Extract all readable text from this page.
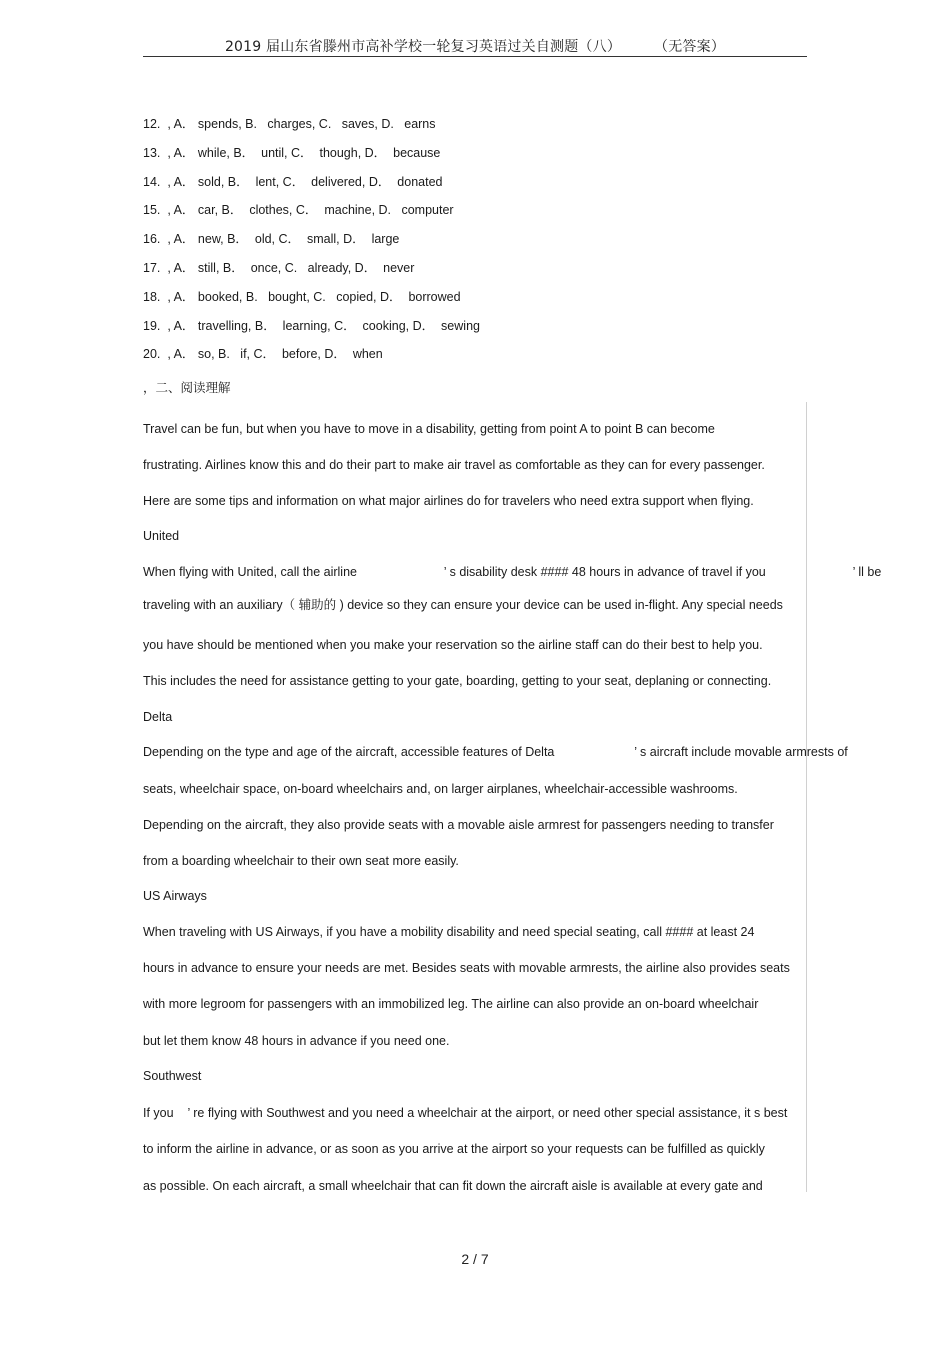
2019 届山东省滕州市高补学校一轮复习英语过关自测题（八）	（无答案）
12. , A． spends, B.   charges, C.   saves, D.   earns
13. , A． while, B．  until, C．  though, D．  because
14. , A． sold, B．  lent, C．  delivered, D．  donated
15. , A． car, B．  clothes, C．  machine, D.   computer
16. , A． new, B．  old, C．  small, D．  large
17. , A． still, B．  once, C.   already, D．  never
18. , A． booked, B.   bought, C.   copied, D．  borrowed
19. , A． travelling, B．  learning, C．  cooking, D．  sewing
20. , A． so, B.   if, C．  before, D．  when
，二、阅读理解
Travel can be fun, but when you have to move in a disability, getting from point A to point B can become
frustrating. Airlines know this and do their part to make air travel as comfortable as they can for every passenger.
Here are some tips and information on what major airlines do for travelers who need extra support when flying.
United
When flying with United, call the airline                         ’ s disability desk #### 48 hours in advance of travel if you                         ’ ll be
traveling with an auxiliary（ 辅助的 ) device so they can ensure your device can be used in-flight. Any special needs
you have should be mentioned when you make your reservation so the airline staff can do their best to help you.
This includes the need for assistance getting to your gate, boarding, getting to your seat, deplaning or connecting.
Delta
Depending on the type and age of the aircraft, accessible features of Delta                       ’ s aircraft include movable armrests of
seats, wheelchair space, on-board wheelchairs and, on larger airplanes, wheelchair-accessible washrooms.
Depending on the aircraft, they also provide seats with a movable aisle armrest for passengers needing to transfer
from a boarding wheelchair to their own seat more easily.
US Airways
When traveling with US Airways, if you have a mobility disability and need special seating, call #### at least 24
hours in advance to ensure your needs are met. Besides seats with movable armrests, the airline also provides seats
with more legroom for passengers with an immobilized leg. The airline can also provide an on-board wheelchair
but let them know 48 hours in advance if you need one.
Southwest
If you    ’ re flying with Southwest and you need a wheelchair at the airport, or need other special assistance, it s best
to inform the airline in advance, or as soon as you arrive at the airport so your requests can be fulfilled as quickly
as possible. On each aircraft, a small wheelchair that can fit down the aircraft aisle is available at every gate and
2 / 7
